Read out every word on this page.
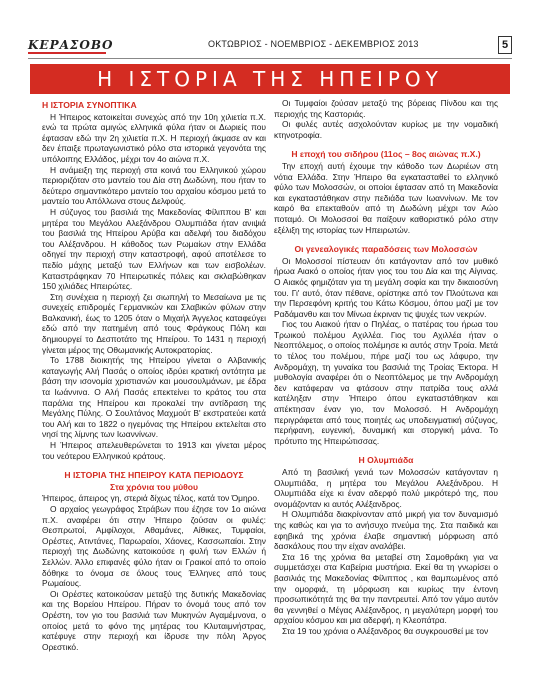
ΚΕΡΑΣΟΒΟ	ΟΚΤΩΒΡΙΟΣ - ΝΟΕΜΒΡΙΟΣ - ΔΕΚΕΜΒΡΙΟΣ 2013	5
Η ΙΣΤΟΡΙΑ ΤΗΣ ΗΠΕΙΡΟΥ
Η ΙΣΤΟΡΙΑ ΣΥΝΟΠΤΙΚΑ

Η Ήπειρος κατοικείται συνεχώς από την 10η χιλιετία π.Χ. ενώ τα πρώτα αμιγώς ελληνικά φύλα ήταν οι Δωριείς που έφτασαν εδώ την 2η χιλιετία π.Χ. Η περιοχή άκμασε αν και δεν έπαιξε πρωταγωνιστικό ρόλο στα ιστορικά γεγονότα της υπόλοιπης Ελλάδος, μέχρι τον 4ο αιώνα π.Χ.

Η ανάμειξη της περιοχή στα κοινά του Ελληνικού χώρου περιοριζόταν στο μαντείο του Δία στη Δωδώνη, που ήταν το δεύτερο σημαντικότερο μαντείο του αρχαίου κόσμου μετά το μαντείο του Απόλλωνα στους Δελφούς.

Η σύζυγος του βασιλιά της Μακεδονίας Φίλιππου Β' και μητέρα του Μεγάλου Αλεξάνδρου Ολυμπιάδα ήταν ανιψιά του βασιλιά της Ηπείρου Αρύβα και αδελφή του διαδόχου του Αλέξανδρου. Η κάθοδος των Ρωμαίων στην Ελλάδα οδηγεί την περιοχή στην καταστροφή, αφού αποτέλεσε το πεδίο μάχης μεταξύ των Ελλήνων και των εισβολέων. Καταστράφηκαν 70 Ηπειρωτικές πόλεις και σκλαβώθηκαν 150 χιλιάδες Ηπειρώτες.

Στη συνέχεια η περιοχή ζει σιωπηλή το Μεσαίωνα με τις συνεχείς επιδρομές Γερμανικών και Σλαβικών φύλων στην Βαλκανική, έως το 1205 όταν ο Μιχαήλ Άγγελος καταφεύγει εδώ από την πατημένη από τους Φράγκους Πόλη και δημιουργεί το Δεσποτάτο της Ηπείρου. Το 1431 η περιοχή γίνεται μέρος της Οθωμανικής Αυτοκρατορίας.

Το 1788 διοικητής της Ηπείρου γίνεται ο Αλβανικής καταγωγής Αλή Πασάς ο οποίος ιδρύει κρατική οντότητα με βάση την ισονομία χριστιανών και μουσουλμάνων, με έδρα τα Ιωάννινα. Ο Αλή Πασάς επεκτείνει το κράτος του στα παράλια της Ηπείρου και προκαλεί την αντίδραση της Μεγάλης Πύλης. Ο Σουλτάνος Μαχμούτ Β' εκστρατεύει κατά του Αλή και το 1822 ο ηγεμόνας της Ηπείρου εκτελείται στο νησί της λίμνης των Ιωαννίνων.

Η Ήπειρος απελευθερώνεται το 1913 και γίνεται μέρος του νεότερου Ελληνικού κράτους.

Η ΙΣΤΟΡΙΑ ΤΗΣ ΗΠΕΙΡΟΥ ΚΑΤΑ ΠΕΡΙΟΔΟΥΣ
Στα χρόνια του μύθου

Ήπειρος, άπειρος γη, στεριά δίχως τέλος, κατά τον Όμηρο.

Ο αρχαίος γεωγράφος Στράβων που έζησε τον 1ο αιώνα π.Χ. αναφέρει ότι στην Ήπειρο ζούσαν οι φυλές: Θεσπρωτοί, Αμφίλοχοι, Αθαμάνες, Αίθικες, Τυμφαίοι, Ορέστες, Ατιντάνες, Παρωραίοι, Χάονες, Κασσωπαίοι. Στην περιοχή της Δωδώνης κατοικούσε η φυλή των Ελλών ή Σελλών. Άλλο επιφανές φύλο ήταν οι Γραικοί από το οποίο δόθηκε το όνομα σε όλους τους Έλληνες από τους Ρωμαίους.

Οι Ορέστες κατοικούσαν μεταξύ της δυτικής Μακεδονίας και της Βορείου Ηπείρου. Πήραν το όνομά τους από τον Ορέστη, τον γιο του βασιλιά των Μυκηνών Αγαμέμνονα, ο οποίος μετά το φόνο της μητέρας του Κλυταιμνήστρας, κατέφυγε στην περιοχή και ίδρυσε την πόλη Άργος Ορεστικό.

Οι Τυμφαίοι ζούσαν μεταξύ της βόρειας Πίνδου και της περιοχής της Καστοριάς.

Οι φυλές αυτές ασχολούνταν κυρίως με την νομαδική κτηνοτροφία.

Η εποχή του σιδήρου (11ος – 8ος αιώνας π.Χ.)

Την εποχή αυτή έχουμε την κάθοδο των Δωριέων στη νότια Ελλάδα. Στην Ήπειρο θα εγκατασταθεί το ελληνικό φύλο των Μολοσσών, οι οποίοι έφτασαν από τη Μακεδονία και εγκαταστάθηκαν στην πεδιάδα των Ιωαννίνων. Με τον καιρό θα επεκταθούν από τη Δωδώνη μέχρι τον Αώο ποταμό. Οι Μολοσσοί θα παίξουν καθοριστικό ρόλο στην εξέλιξη της ιστορίας των Ηπειρωτών.

Οι γενεαλογικές παραδόσεις των Μολοσσών

Οι Μολοσσοί πίστευαν ότι κατάγονταν από τον μυθικό ήρωα Αιακό ο οποίος ήταν γιος του του Δία και της Αίγινας. Ο Αιακός φημιζόταν για τη μεγάλη σοφία και την δικαιοσύνη του. Γι' αυτό, όταν πέθανε, ορίστηκε από τον Πλούτωνα και την Περσεφόνη κριτής του Κάτω Κόσμου, όπου μαζί με τον Ραδάμανθυ και τον Μίνωα έκριναν τις ψυχές των νεκρών.

Γιος του Αιακού ήταν ο Πηλέας, ο πατέρας του ήρωα του Τρωικού πολέμου Αχιλλέα. Γιος του Αχιλλέα ήταν ο Νεοπτόλεμος, ο οποίος πολέμησε κι αυτός στην Τροία. Μετά το τέλος του πολέμου, πήρε μαζί του ως λάφυρο, την Ανδρομάχη, τη γυναίκα του βασιλιά της Τροίας Έκτορα. Η μυθολογία αναφέρει ότι ο Νεοπτόλεμος με την Ανδρομάχη δεν κατάφεραν να φτάσουν στην πατρίδα τους αλλά κατέληξαν στην Ήπειρο όπου εγκαταστάθηκαν και απέκτησαν έναν γιο, τον Μολοσσό. Η Ανδρομάχη περιγράφεται από τους ποιητές ως υποδειγματική σύζυγος, περήφανη, ευγενική, δυναμική και στοργική μάνα. Το πρότυπο της Ηπειρώτισσας.

Η Ολυμπιάδα

Από τη βασιλική γενιά των Μολοσσών κατάγονταν η Ολυμπιάδα, η μητέρα του Μεγάλου Αλεξάνδρου. Η Ολυμπιάδα είχε κι έναν αδερφό πολύ μικρότερό της, που ονομάζονταν κι αυτός Αλέξανδρος.

Η Ολυμπιάδα διακρίνονταν από μικρή για τον δυναμισμό της καθώς και για το ανήσυχο πνεύμα της. Στα παιδικά και εφηβικά της χρόνια έλαβε σημαντική μόρφωση από δασκάλους που την είχαν αναλάβει.

Στα 16 της χρόνια θα μεταβεί στη Σαμοθράκη για να συμμετάσχει στα Καβείρια μυστήρια. Εκεί θα τη γνωρίσει ο βασιλιάς της Μακεδονίας Φίλιππος , και θαμπωμένος από την ομορφιά, τη μόρφωση και κυρίως την έντονη προσωπικότητά της θα την παντρευτεί. Από τον γάμο αυτόν θα γεννηθεί ο Μέγας Αλέξανδρος, η μεγαλύτερη μορφή του αρχαίου κόσμου και μια αδερφή, η Κλεοπάτρα.

Στα 19 του χρόνια ο Αλέξανδρος θα συγκρουσθεί με τον
